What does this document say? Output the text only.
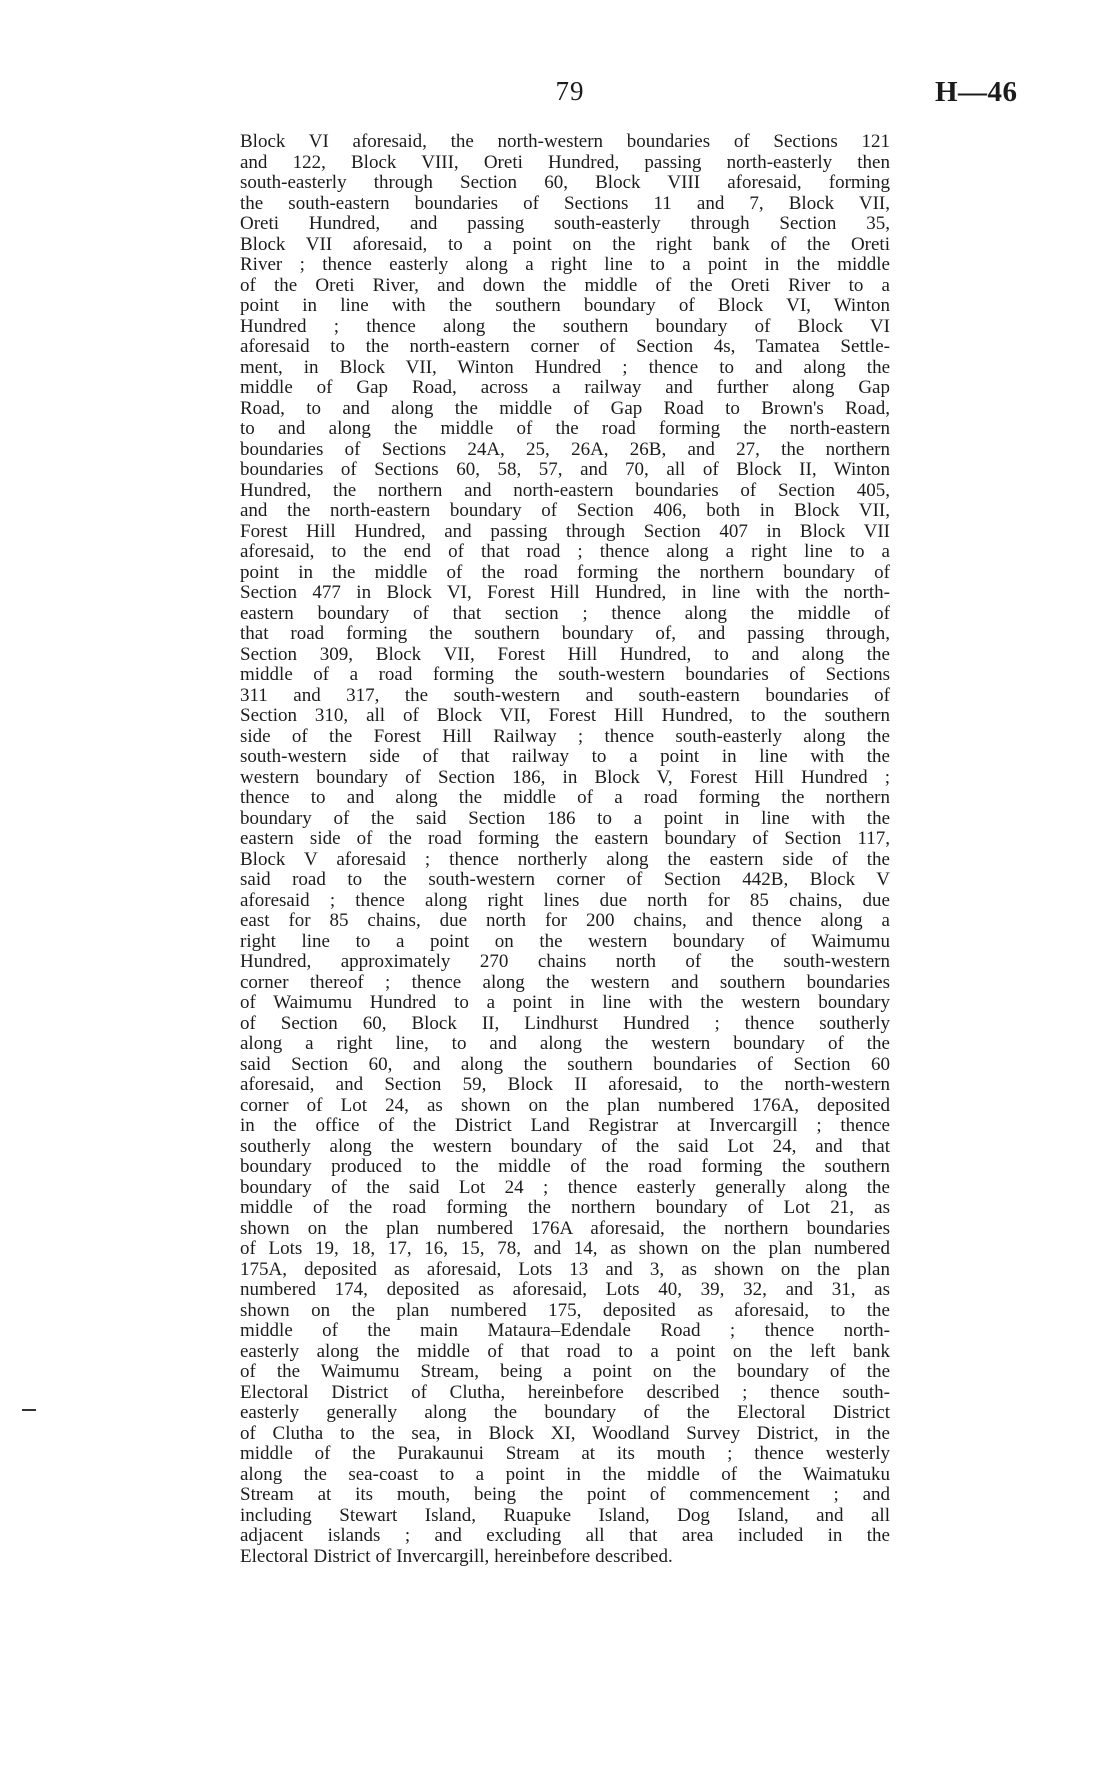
79	H—46
Block VI aforesaid, the north-western boundaries of Sections 121
and 122, Block VIII, Oreti Hundred, passing north-easterly then
south-easterly through Section 60, Block VIII aforesaid, forming
the south-eastern boundaries of Sections 11 and 7, Block VII,
Oreti Hundred, and passing south-easterly through Section 35,
Block VII aforesaid, to a point on the right bank of the Oreti
River ; thence easterly along a right line to a point in the middle
of the Oreti River, and down the middle of the Oreti River to a
point in line with the southern boundary of Block VI, Winton
Hundred ; thence along the southern boundary of Block VI
aforesaid to the north-eastern corner of Section 4s, Tamatea Settle-
ment, in Block VII, Winton Hundred ; thence to and along the
middle of Gap Road, across a railway and further along Gap
Road, to and along the middle of Gap Road to Brown's Road,
to and along the middle of the road forming the north-eastern
boundaries of Sections 24A, 25, 26A, 26B, and 27, the northern
boundaries of Sections 60, 58, 57, and 70, all of Block II, Winton
Hundred, the northern and north-eastern boundaries of Section 405,
and the north-eastern boundary of Section 406, both in Block VII,
Forest Hill Hundred, and passing through Section 407 in Block VII
aforesaid, to the end of that road ; thence along a right line to a
point in the middle of the road forming the northern boundary of
Section 477 in Block VI, Forest Hill Hundred, in line with the north-
eastern boundary of that section ; thence along the middle of
that road forming the southern boundary of, and passing through,
Section 309, Block VII, Forest Hill Hundred, to and along the
middle of a road forming the south-western boundaries of Sections
311 and 317, the south-western and south-eastern boundaries of
Section 310, all of Block VII, Forest Hill Hundred, to the southern
side of the Forest Hill Railway ; thence south-easterly along the
south-western side of that railway to a point in line with the
western boundary of Section 186, in Block V, Forest Hill Hundred ;
thence to and along the middle of a road forming the northern
boundary of the said Section 186 to a point in line with the
eastern side of the road forming the eastern boundary of Section 117,
Block V aforesaid ; thence northerly along the eastern side of the
said road to the south-western corner of Section 442B, Block V
aforesaid ; thence along right lines due north for 85 chains, due
east for 85 chains, due north for 200 chains, and thence along a
right line to a point on the western boundary of Waimumu
Hundred, approximately 270 chains north of the south-western
corner thereof ; thence along the western and southern boundaries
of Waimumu Hundred to a point in line with the western boundary
of Section 60, Block II, Lindhurst Hundred ; thence southerly
along a right line, to and along the western boundary of the
said Section 60, and along the southern boundaries of Section 60
aforesaid, and Section 59, Block II aforesaid, to the north-western
corner of Lot 24, as shown on the plan numbered 176A, deposited
in the office of the District Land Registrar at Invercargill ; thence
southerly along the western boundary of the said Lot 24, and that
boundary produced to the middle of the road forming the southern
boundary of the said Lot 24 ; thence easterly generally along the
middle of the road forming the northern boundary of Lot 21, as
shown on the plan numbered 176A aforesaid, the northern boundaries
of Lots 19, 18, 17, 16, 15, 78, and 14, as shown on the plan numbered
175A, deposited as aforesaid, Lots 13 and 3, as shown on the plan
numbered 174, deposited as aforesaid, Lots 40, 39, 32, and 31, as
shown on the plan numbered 175, deposited as aforesaid, to the
middle of the main Mataura–Edendale Road ; thence north-
easterly along the middle of that road to a point on the left bank
of the Waimumu Stream, being a point on the boundary of the
Electoral District of Clutha, hereinbefore described ; thence south-
easterly generally along the boundary of the Electoral District
of Clutha to the sea, in Block XI, Woodland Survey District, in the
middle of the Purakaunui Stream at its mouth ; thence westerly
along the sea-coast to a point in the middle of the Waimatuku
Stream at its mouth, being the point of commencement ; and
including Stewart Island, Ruapuke Island, Dog Island, and all
adjacent islands ; and excluding all that area included in the
Electoral District of Invercargill, hereinbefore described.
